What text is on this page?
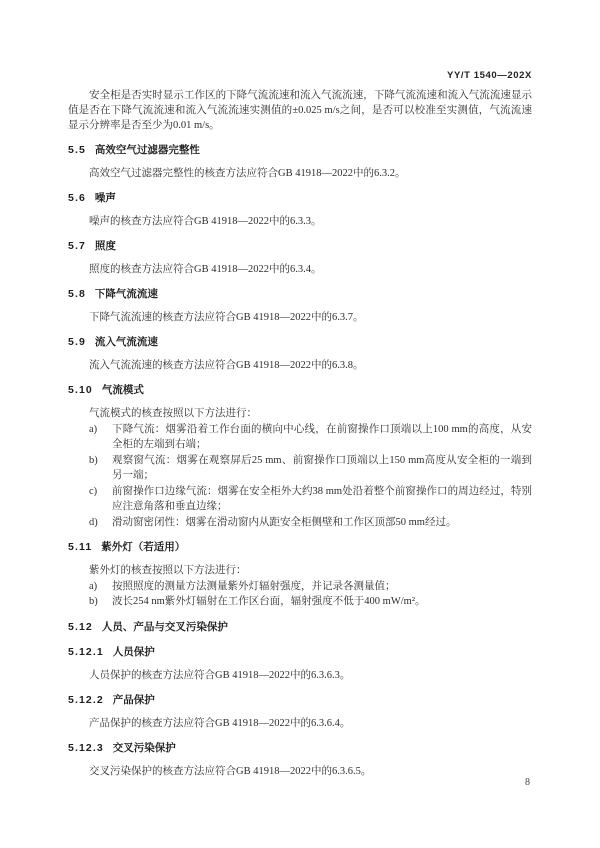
YY/T 1540—202X

安全柜是否实时显示工作区的下降气流流速和流入气流流速，下降气流流速和流入气流流速显示值是否在下降气流流速和流入气流流速实测值的±0.025 m/s之间，是否可以校准至实测值，气流流速显示分辨率是否至少为0.01 m/s。

5.5 高效空气过滤器完整性

高效空气过滤器完整性的核查方法应符合GB 41918—2022中的6.3.2。

5.6 噪声

噪声的核查方法应符合GB 41918—2022中的6.3.3。

5.7 照度

照度的核查方法应符合GB 41918—2022中的6.3.4。

5.8 下降气流流速

下降气流流速的核查方法应符合GB 41918—2022中的6.3.7。

5.9 流入气流流速

流入气流流速的核查方法应符合GB 41918—2022中的6.3.8。

5.10 气流模式

气流模式的核查按照以下方法进行：

a)	下降气流：烟雾沿着工作台面的横向中心线，在前窗操作口顶端以上100 mm的高度，从安全柜的左端到右端；
b)	观察窗气流：烟雾在观察屏后25 mm、前窗操作口顶端以上150 mm高度从安全柜的一端到另一端；
c)	前窗操作口边缘气流：烟雾在安全柜外大约38 mm处沿着整个前窗操作口的周边经过，特别应注意角落和垂直边缘；
d)	滑动窗密闭性：烟雾在滑动窗内从距安全柜侧壁和工作区顶部50 mm经过。
5.11 紫外灯（若适用）

紫外灯的核查按照以下方法进行：

a)	按照照度的测量方法测量紫外灯辐射强度，并记录各测量值；
b)	波长254 nm紫外灯辐射在工作区台面，辐射强度不低于400 mW/m²。
5.12 人员、产品与交叉污染保护
5.12.1 人员保护

人员保护的核查方法应符合GB 41918—2022中的6.3.6.3。

5.12.2 产品保护

产品保护的核查方法应符合GB 41918—2022中的6.3.6.4。

5.12.3 交叉污染保护

交叉污染保护的核查方法应符合GB 41918—2022中的6.3.6.5。

8
